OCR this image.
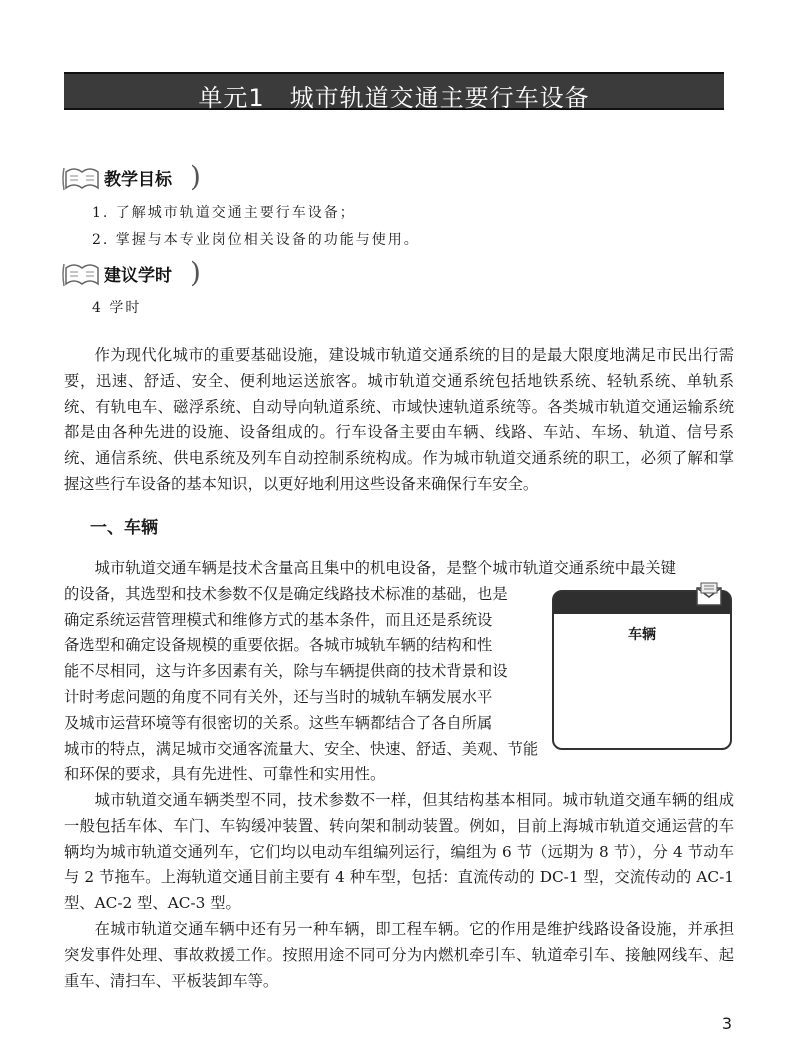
单元1　城市轨道交通主要行车设备
教学目标 )
1. 了解城市轨道交通主要行车设备；
2. 掌握与本专业岗位相关设备的功能与使用。
建议学时 )
4 学时

作为现代化城市的重要基础设施，建设城市轨道交通系统的目的是最大限度地满足市民出行需要，迅速、舒适、安全、便利地运送旅客。城市轨道交通系统包括地铁系统、轻轨系统、单轨系统、有轨电车、磁浮系统、自动导向轨道系统、市域快速轨道系统等。各类城市轨道交通运输系统都是由各种先进的设施、设备组成的。行车设备主要由车辆、线路、车站、车场、轨道、信号系统、通信系统、供电系统及列车自动控制系统构成。作为城市轨道交通系统的职工，必须了解和掌握这些行车设备的基本知识，以更好地利用这些设备来确保行车安全。

一、车辆
城市轨道交通车辆是技术含量高且集中的机电设备，是整个城市轨道交通系统中最关键
的设备，其选型和技术参数不仅是确定线路技术标准的基础，也是
确定系统运营管理模式和维修方式的基本条件，而且还是系统设
备选型和确定设备规模的重要依据。各城市城轨车辆的结构和性
能不尽相同，这与许多因素有关，除与车辆提供商的技术背景和设
计时考虑问题的角度不同有关外，还与当时的城轨车辆发展水平
及城市运营环境等有很密切的关系。这些车辆都结合了各自所属
城市的特点，满足城市交通客流量大、安全、快速、舒适、美观、节能
和环保的要求，具有先进性、可靠性和实用性。
车辆

城市轨道交通车辆类型不同，技术参数不一样，但其结构基本相同。城市轨道交通车辆的组成一般包括车体、车门、车钩缓冲装置、转向架和制动装置。例如，目前上海城市轨道交通运营的车辆均为城市轨道交通列车，它们均以电动车组编列运行，编组为 6 节（远期为 8 节），分 4 节动车与 2 节拖车。上海轨道交通目前主要有 4 种车型，包括：直流传动的 DC-1 型，交流传动的 AC-1 型、AC-2 型、AC-3 型。

在城市轨道交通车辆中还有另一种车辆，即工程车辆。它的作用是维护线路设备设施，并承担突发事件处理、事故救援工作。按照用途不同可分为内燃机牵引车、轨道牵引车、接触网线车、起重车、清扫车、平板装卸车等。

3
